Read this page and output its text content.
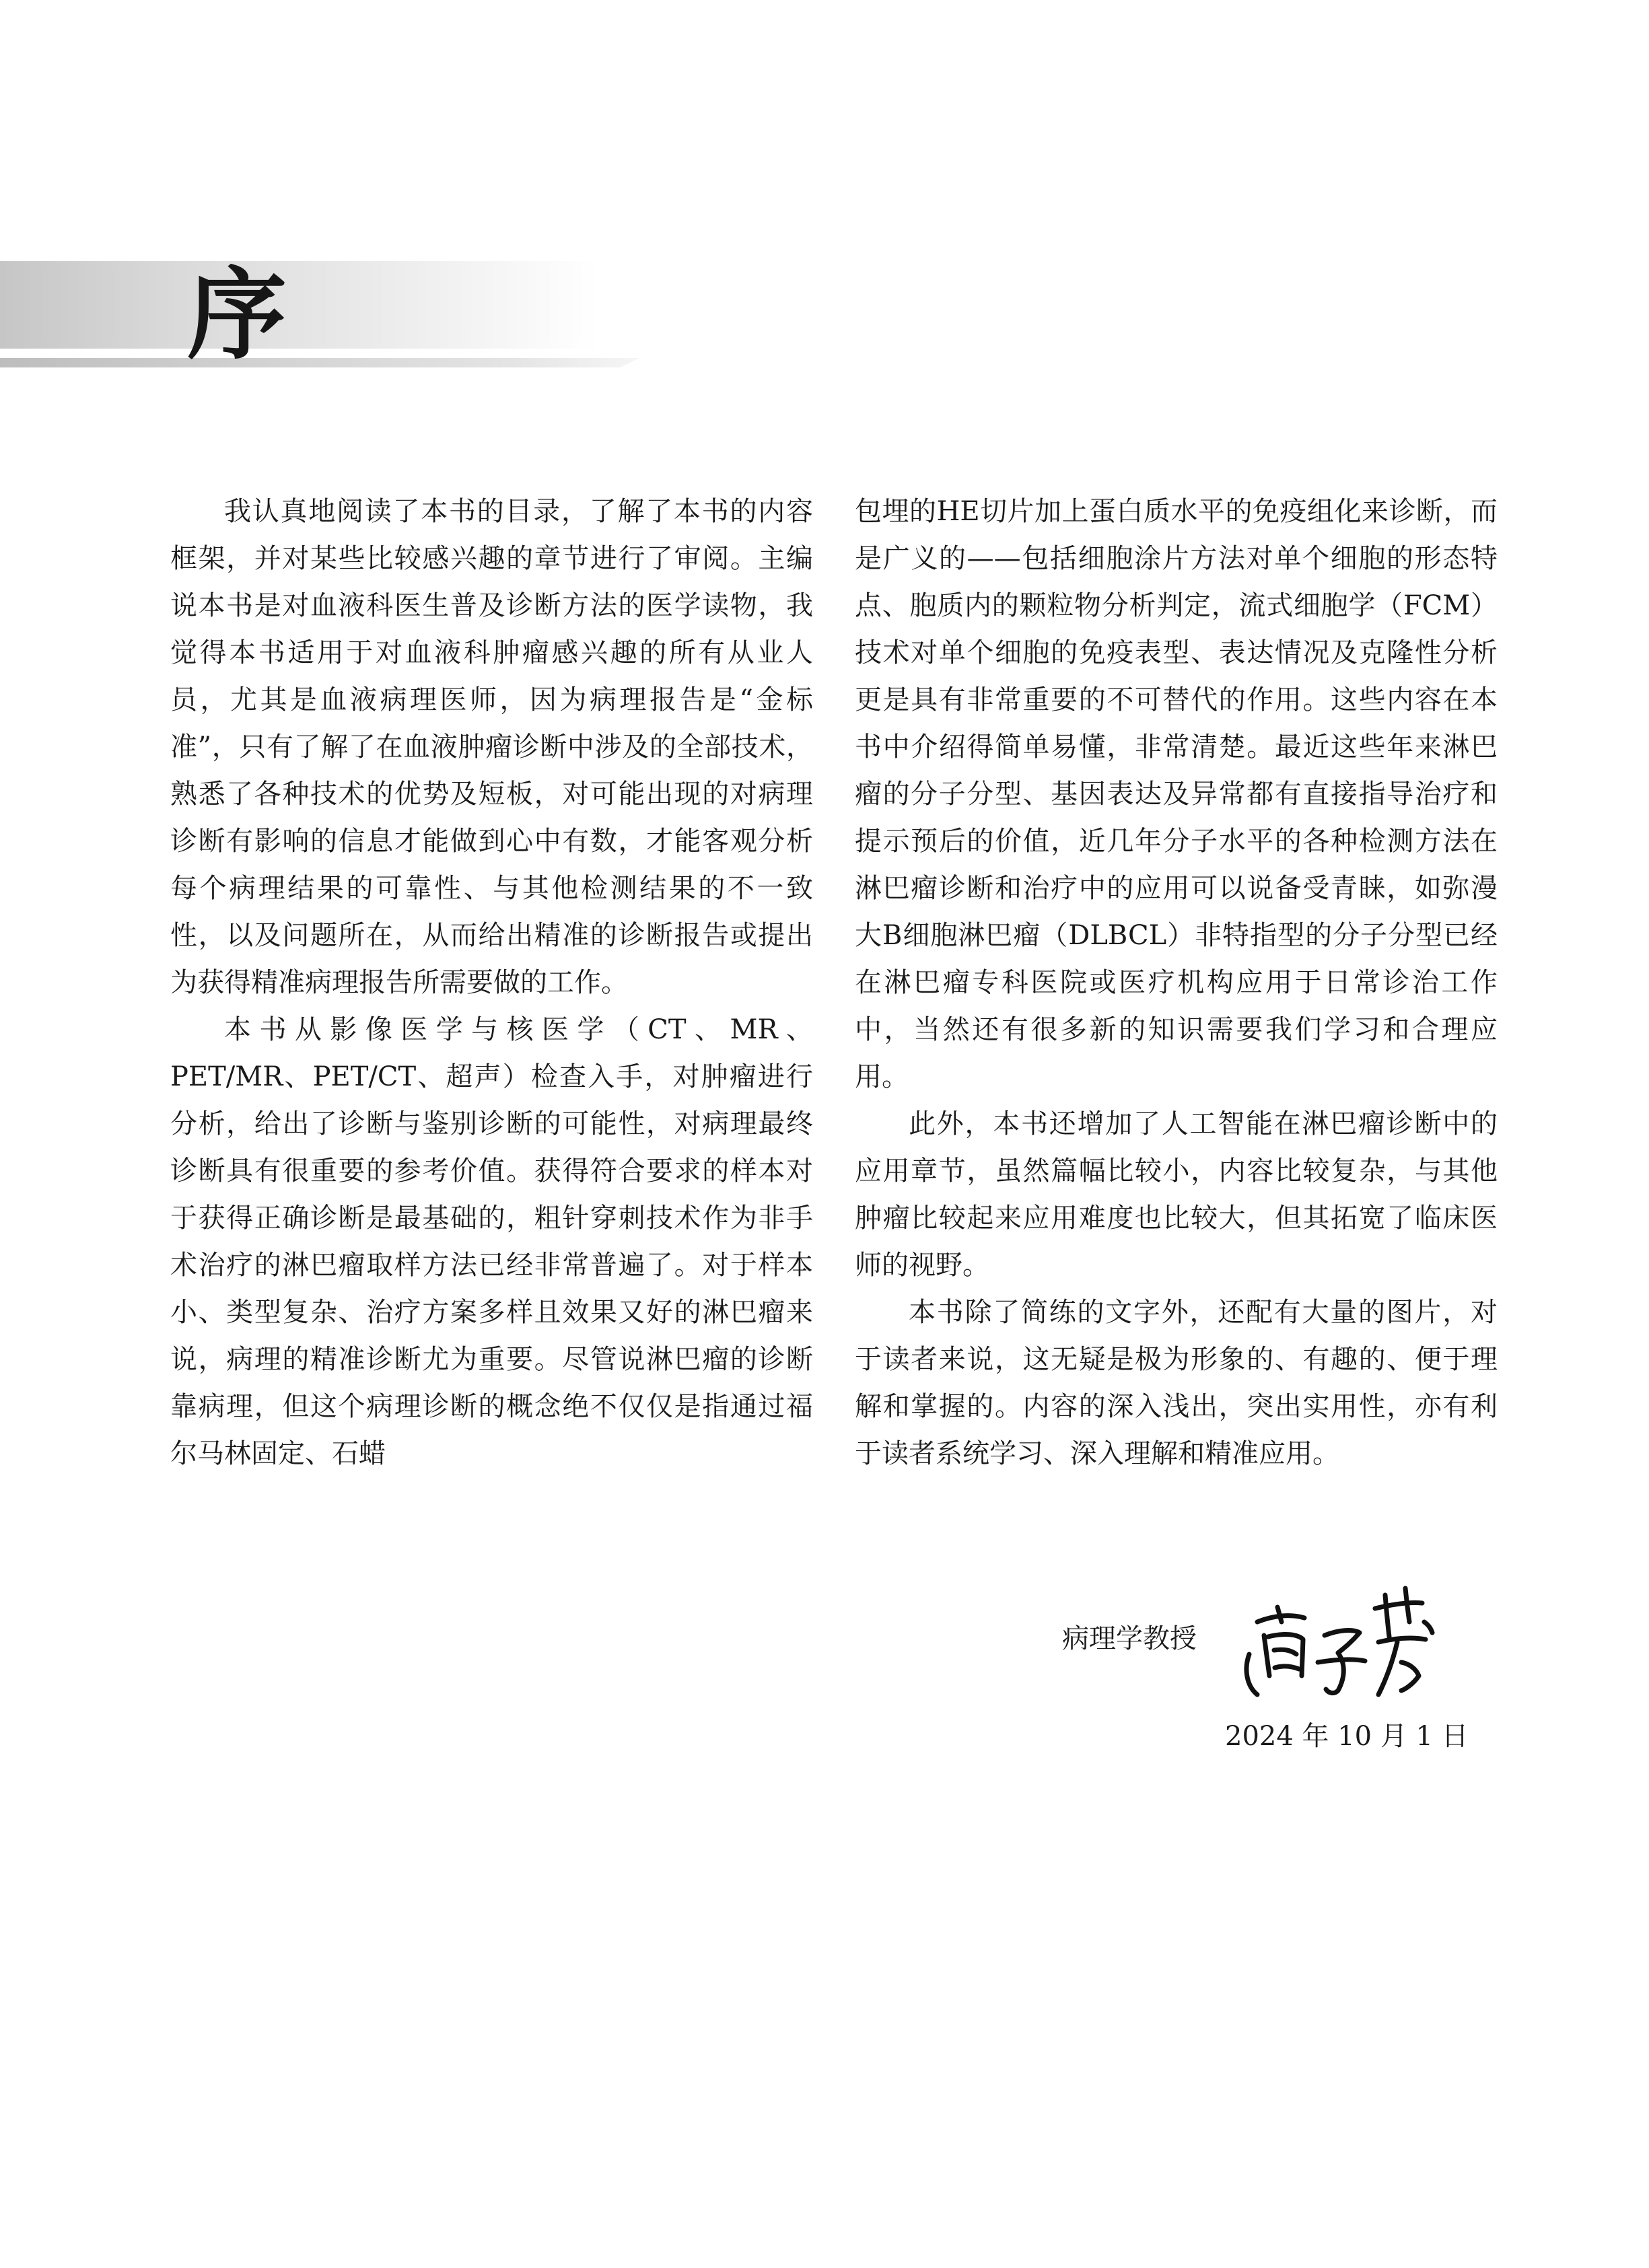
序

我认真地阅读了本书的目录，了解了本书的内容框架，并对某些比较感兴趣的章节进行了审阅。主编说本书是对血液科医生普及诊断方法的医学读物，我觉得本书适用于对血液科肿瘤感兴趣的所有从业人员，尤其是血液病理医师，因为病理报告是“金标准”，只有了解了在血液肿瘤诊断中涉及的全部技术，熟悉了各种技术的优势及短板，对可能出现的对病理诊断有影响的信息才能做到心中有数，才能客观分析每个病理结果的可靠性、与其他检测结果的不一致性，以及问题所在，从而给出精准的诊断报告或提出为获得精准病理报告所需要做的工作。

本书从影像医学与核医学（CT、MR、PET/MR、PET/CT、超声）检查入手，对肿瘤进行分析，给出了诊断与鉴别诊断的可能性，对病理最终诊断具有很重要的参考价值。获得符合要求的样本对于获得正确诊断是最基础的，粗针穿刺技术作为非手术治疗的淋巴瘤取样方法已经非常普遍了。对于样本小、类型复杂、治疗方案多样且效果又好的淋巴瘤来说，病理的精准诊断尤为重要。尽管说淋巴瘤的诊断靠病理，但这个病理诊断的概念绝不仅仅是指通过福尔马林固定、石蜡

包埋的HE切片加上蛋白质水平的免疫组化来诊断，而是广义的——包括细胞涂片方法对单个细胞的形态特点、胞质内的颗粒物分析判定，流式细胞学（FCM）技术对单个细胞的免疫表型、表达情况及克隆性分析更是具有非常重要的不可替代的作用。这些内容在本书中介绍得简单易懂，非常清楚。最近这些年来淋巴瘤的分子分型、基因表达及异常都有直接指导治疗和提示预后的价值，近几年分子水平的各种检测方法在淋巴瘤诊断和治疗中的应用可以说备受青睐，如弥漫大B细胞淋巴瘤（DLBCL）非特指型的分子分型已经在淋巴瘤专科医院或医疗机构应用于日常诊治工作中，当然还有很多新的知识需要我们学习和合理应用。

此外，本书还增加了人工智能在淋巴瘤诊断中的应用章节，虽然篇幅比较小，内容比较复杂，与其他肿瘤比较起来应用难度也比较大，但其拓宽了临床医师的视野。

本书除了简练的文字外，还配有大量的图片，对于读者来说，这无疑是极为形象的、有趣的、便于理解和掌握的。内容的深入浅出，突出实用性，亦有利于读者系统学习、深入理解和精准应用。

病理学教授
2024 年 10 月 1 日
